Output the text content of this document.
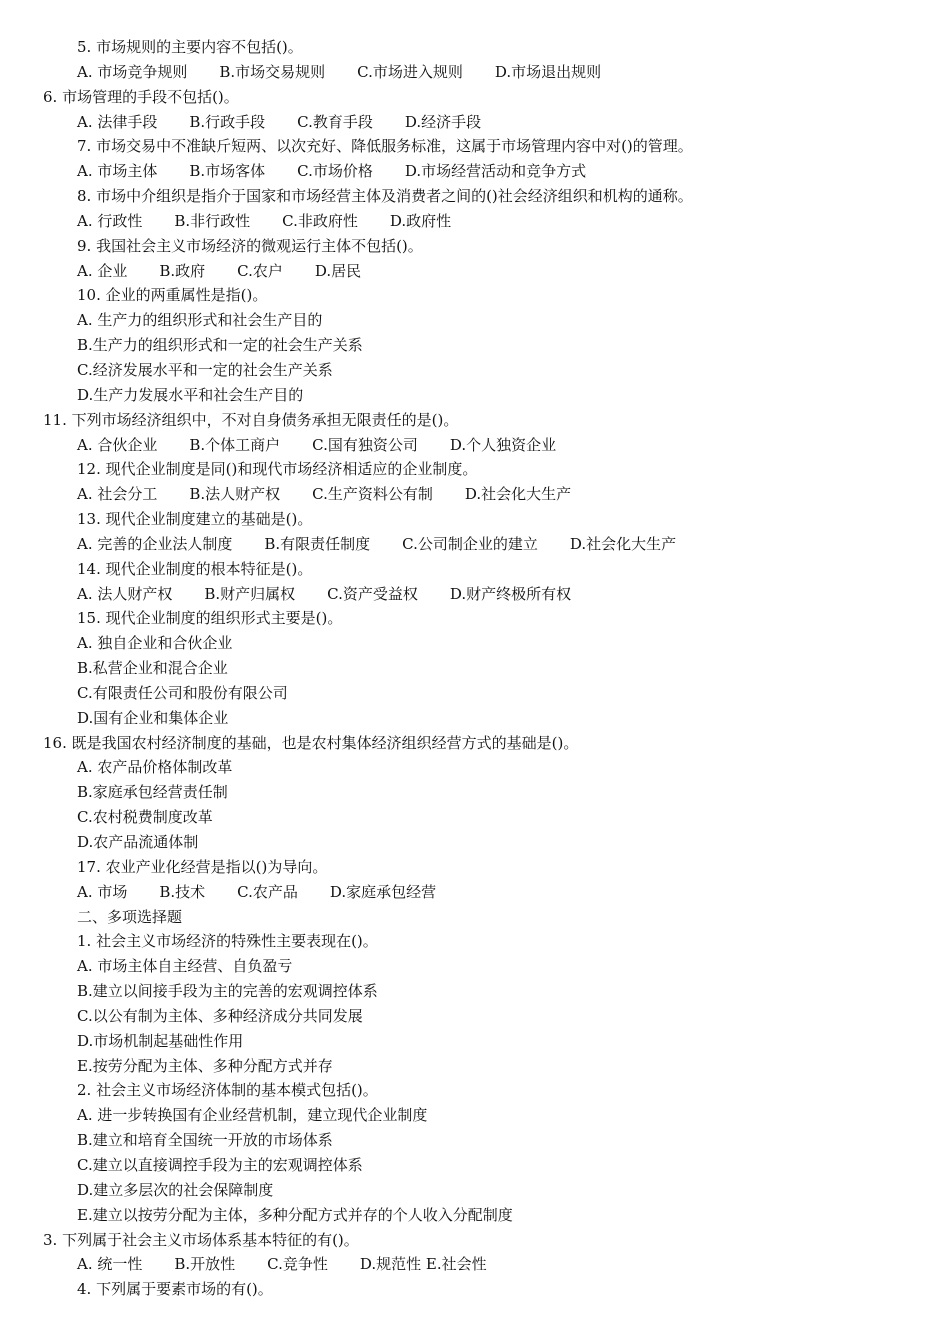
5. 市场规则的主要内容不包括()。
A. 市场竞争规则 B.市场交易规则 C.市场进入规则 D.市场退出规则
6. 市场管理的手段不包括()。
A. 法律手段 B.行政手段 C.教育手段 D.经济手段
7. 市场交易中不准缺斤短两、以次充好、降低服务标准，这属于市场管理内容中对()的管理。
A. 市场主体 B.市场客体 C.市场价格 D.市场经营活动和竞争方式
8. 市场中介组织是指介于国家和市场经营主体及消费者之间的()社会经济组织和机构的通称。
A. 行政性 B.非行政性 C.非政府性 D.政府性
9. 我国社会主义市场经济的微观运行主体不包括()。
A. 企业 B.政府 C.农户 D.居民
10. 企业的两重属性是指()。
A. 生产力的组织形式和社会生产目的
B.生产力的组织形式和一定的社会生产关系
C.经济发展水平和一定的社会生产关系
D.生产力发展水平和社会生产目的
11. 下列市场经济组织中，不对自身债务承担无限责任的是()。
A. 合伙企业 B.个体工商户 C.国有独资公司 D.个人独资企业
12. 现代企业制度是同()和现代市场经济相适应的企业制度。
A. 社会分工 B.法人财产权 C.生产资料公有制 D.社会化大生产
13. 现代企业制度建立的基础是()。
A. 完善的企业法人制度 B.有限责任制度 C.公司制企业的建立 D.社会化大生产
14. 现代企业制度的根本特征是()。
A. 法人财产权 B.财产归属权 C.资产受益权 D.财产终极所有权
15. 现代企业制度的组织形式主要是()。
A. 独自企业和合伙企业
B.私营企业和混合企业
C.有限责任公司和股份有限公司
D.国有企业和集体企业
16. 既是我国农村经济制度的基础，也是农村集体经济组织经营方式的基础是()。
A. 农产品价格体制改革
B.家庭承包经营责任制
C.农村税费制度改革
D.农产品流通体制
17. 农业产业化经营是指以()为导向。
A. 市场 B.技术 C.农产品 D.家庭承包经营
二、多项选择题
1. 社会主义市场经济的特殊性主要表现在()。
A. 市场主体自主经营、自负盈亏
B.建立以间接手段为主的完善的宏观调控体系
C.以公有制为主体、多种经济成分共同发展
D.市场机制起基础性作用
E.按劳分配为主体、多种分配方式并存
2. 社会主义市场经济体制的基本模式包括()。
A. 进一步转换国有企业经营机制，建立现代企业制度
B.建立和培育全国统一开放的市场体系
C.建立以直接调控手段为主的宏观调控体系
D.建立多层次的社会保障制度
E.建立以按劳分配为主体，多种分配方式并存的个人收入分配制度
3. 下列属于社会主义市场体系基本特征的有()。
A. 统一性 B.开放性 C.竞争性 D.规范性 E.社会性
4. 下列属于要素市场的有()。
